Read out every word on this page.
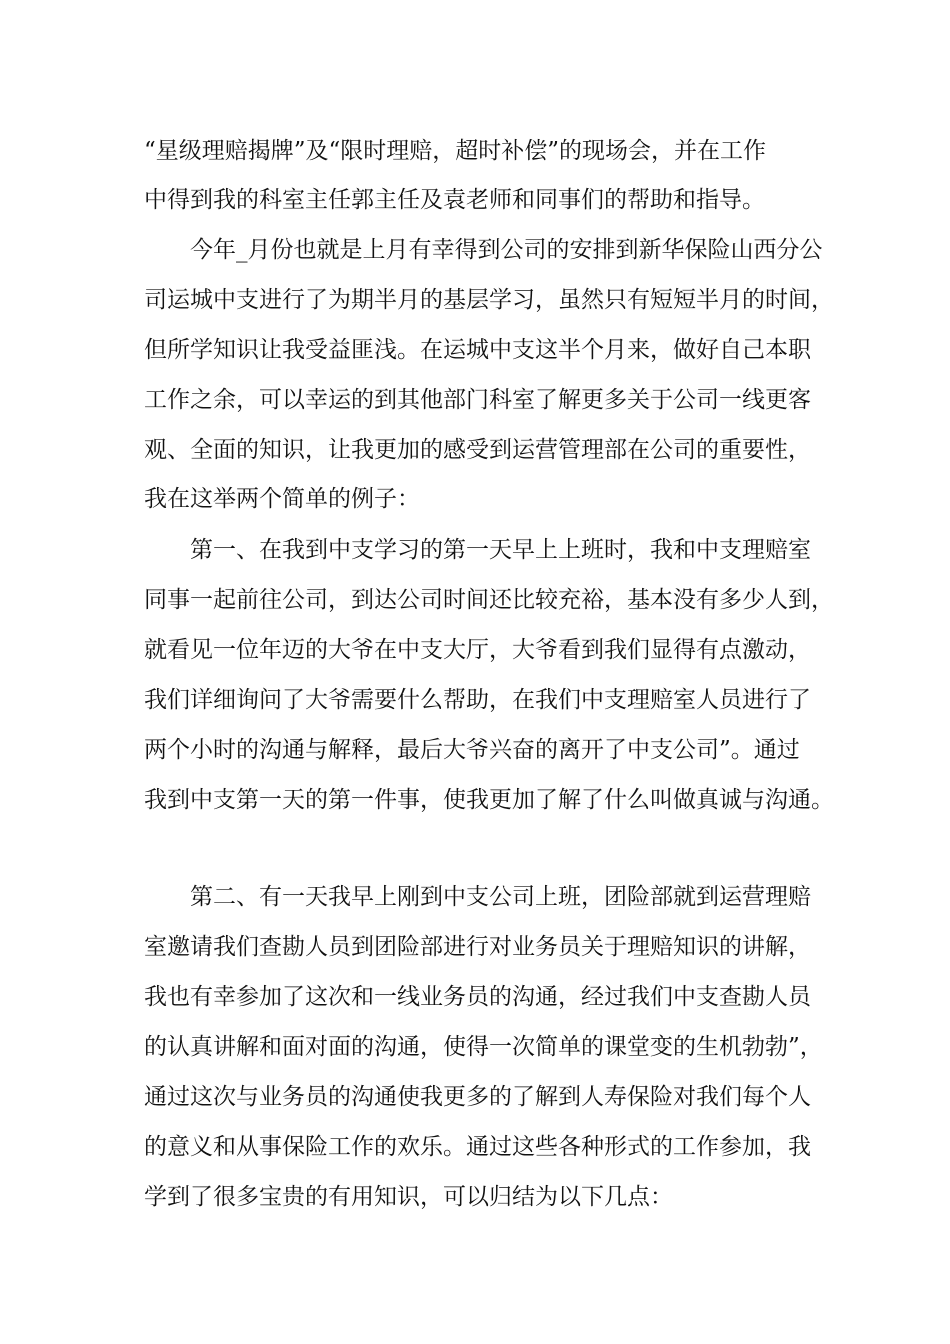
“星级理赔揭牌”及“限时理赔，超时补偿”的现场会，并在工作
中得到我的科室主任郭主任及袁老师和同事们的帮助和指导。
今年_月份也就是上月有幸得到公司的安排到新华保险山西分公
司运城中支进行了为期半月的基层学习，虽然只有短短半月的时间，
但所学知识让我受益匪浅。在运城中支这半个月来，做好自己本职
工作之余，可以幸运的到其他部门科室了解更多关于公司一线更客
观、全面的知识，让我更加的感受到运营管理部在公司的重要性，
我在这举两个简单的例子：
第一、在我到中支学习的第一天早上上班时，我和中支理赔室
同事一起前往公司，到达公司时间还比较充裕，基本没有多少人到，
就看见一位年迈的大爷在中支大厅，大爷看到我们显得有点激动，
我们详细询问了大爷需要什么帮助，在我们中支理赔室人员进行了
两个小时的沟通与解释，最后大爷兴奋的离开了中支公司”。通过
我到中支第一天的第一件事，使我更加了解了什么叫做真诚与沟通。
第二、有一天我早上刚到中支公司上班，团险部就到运营理赔
室邀请我们查勘人员到团险部进行对业务员关于理赔知识的讲解，
我也有幸参加了这次和一线业务员的沟通，经过我们中支查勘人员
的认真讲解和面对面的沟通，使得一次简单的课堂变的生机勃勃”，
通过这次与业务员的沟通使我更多的了解到人寿保险对我们每个人
的意义和从事保险工作的欢乐。通过这些各种形式的工作参加，我
学到了很多宝贵的有用知识，可以归结为以下几点：
